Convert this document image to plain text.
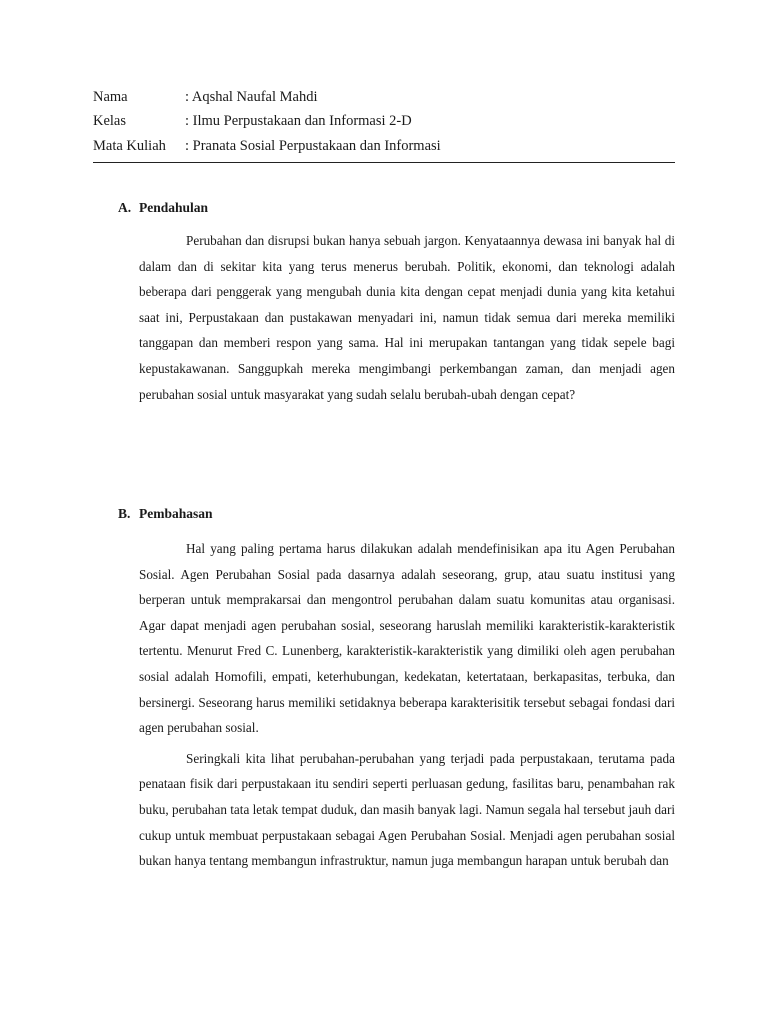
Nama	: Aqshal Naufal Mahdi
Kelas	: Ilmu Perpustakaan dan Informasi 2-D
Mata Kuliah	: Pranata Sosial Perpustakaan dan Informasi
A. Pendahulan

Perubahan dan disrupsi bukan hanya sebuah jargon. Kenyataannya dewasa ini banyak hal di dalam dan di sekitar kita yang terus menerus berubah. Politik, ekonomi, dan teknologi adalah beberapa dari penggerak yang mengubah dunia kita dengan cepat menjadi dunia yang kita ketahui saat ini, Perpustakaan dan pustakawan menyadari ini, namun tidak semua dari mereka memiliki tanggapan dan memberi respon yang sama. Hal ini merupakan tantangan yang tidak sepele bagi kepustakawanan. Sanggupkah mereka mengimbangi perkembangan zaman, dan menjadi agen perubahan sosial untuk masyarakat yang sudah selalu berubah-ubah dengan cepat?

B. Pembahasan

Hal yang paling pertama harus dilakukan adalah mendefinisikan apa itu Agen Perubahan Sosial. Agen Perubahan Sosial pada dasarnya adalah seseorang, grup, atau suatu institusi yang berperan untuk memprakarsai dan mengontrol perubahan dalam suatu komunitas atau organisasi. Agar dapat menjadi agen perubahan sosial, seseorang haruslah memiliki karakteristik-karakteristik tertentu. Menurut Fred C. Lunenberg, karakteristik-karakteristik yang dimiliki oleh agen perubahan sosial adalah Homofili, empati, keterhubungan, kedekatan, ketertataan, berkapasitas, terbuka, dan bersinergi. Seseorang harus memiliki setidaknya beberapa karakterisitik tersebut sebagai fondasi dari agen perubahan sosial.

Seringkali kita lihat perubahan-perubahan yang terjadi pada perpustakaan, terutama pada penataan fisik dari perpustakaan itu sendiri seperti perluasan gedung, fasilitas baru, penambahan rak buku, perubahan tata letak tempat duduk, dan masih banyak lagi. Namun segala hal tersebut jauh dari cukup untuk membuat perpustakaan sebagai Agen Perubahan Sosial. Menjadi agen perubahan sosial bukan hanya tentang membangun infrastruktur, namun juga membangun harapan untuk berubah dan
